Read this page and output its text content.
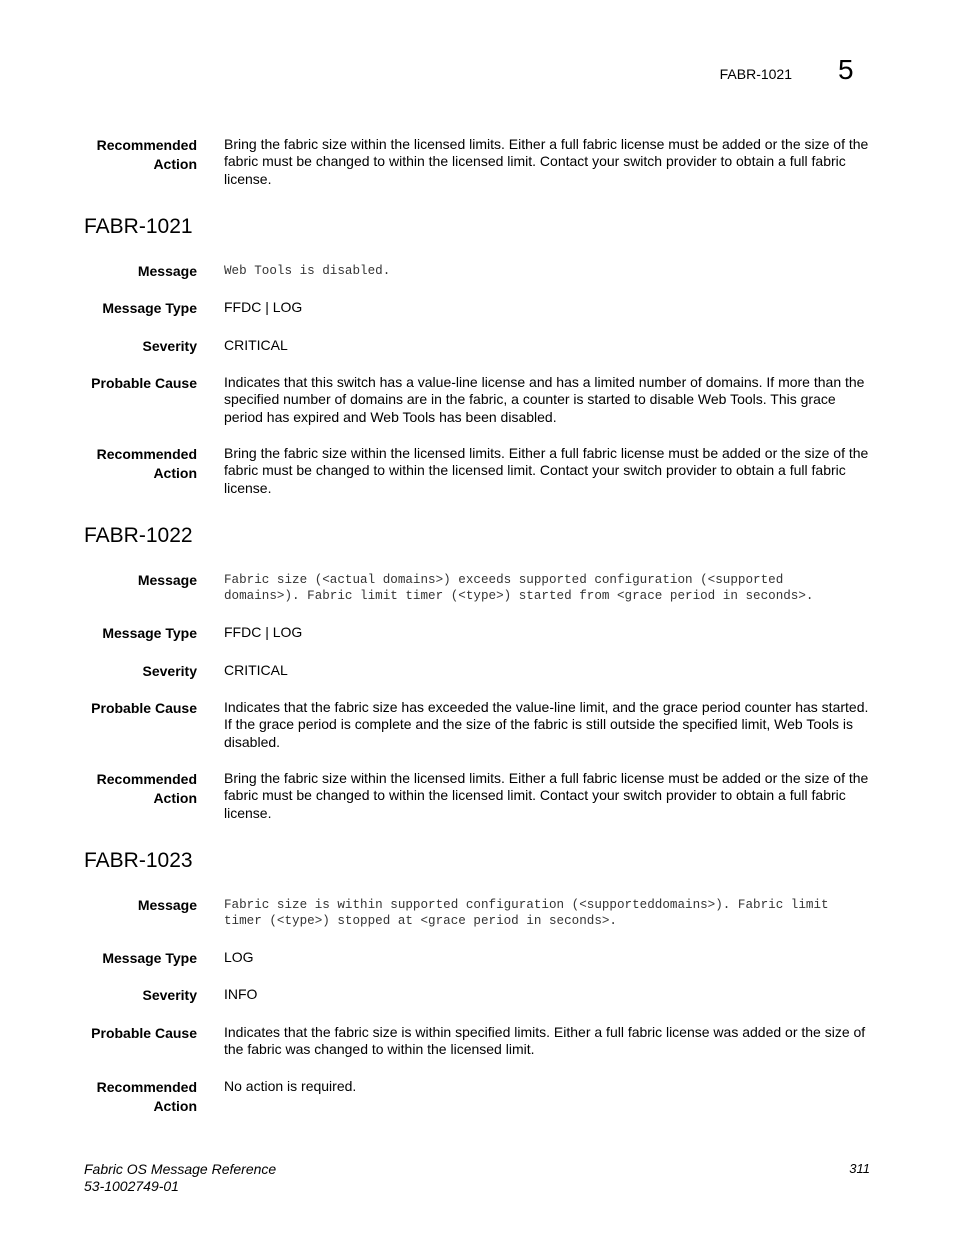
FABR-1021 5
Recommended
Action
Bring the fabric size within the licensed limits. Either a full fabric license must be added or the size of the fabric must be changed to within the licensed limit. Contact your switch provider to obtain a full fabric license.
FABR-1021
Message Web Tools is disabled.
Message Type FFDC | LOG
Severity CRITICAL
Probable Cause Indicates that this switch has a value-line license and has a limited number of domains. If more than the specified number of domains are in the fabric, a counter is started to disable Web Tools. This grace period has expired and Web Tools has been disabled.
Recommended
Action
Bring the fabric size within the licensed limits. Either a full fabric license must be added or the size of the fabric must be changed to within the licensed limit. Contact your switch provider to obtain a full fabric license.
FABR-1022
Message Fabric size (<actual domains>) exceeds supported configuration (<supported
domains>). Fabric limit timer (<type>) started from <grace period in seconds>.
Message Type FFDC | LOG
Severity CRITICAL
Probable Cause Indicates that the fabric size has exceeded the value-line limit, and the grace period counter has started. If the grace period is complete and the size of the fabric is still outside the specified limit, Web Tools is disabled.
Recommended
Action
Bring the fabric size within the licensed limits. Either a full fabric license must be added or the size of the fabric must be changed to within the licensed limit. Contact your switch provider to obtain a full fabric license.
FABR-1023
Message Fabric size is within supported configuration (<supporteddomains>). Fabric limit
timer (<type>) stopped at <grace period in seconds>.
Message Type LOG
Severity INFO
Probable Cause Indicates that the fabric size is within specified limits. Either a full fabric license was added or the size of the fabric was changed to within the licensed limit.
Recommended
Action
No action is required.
Fabric OS Message Reference
53-1002749-01
311
